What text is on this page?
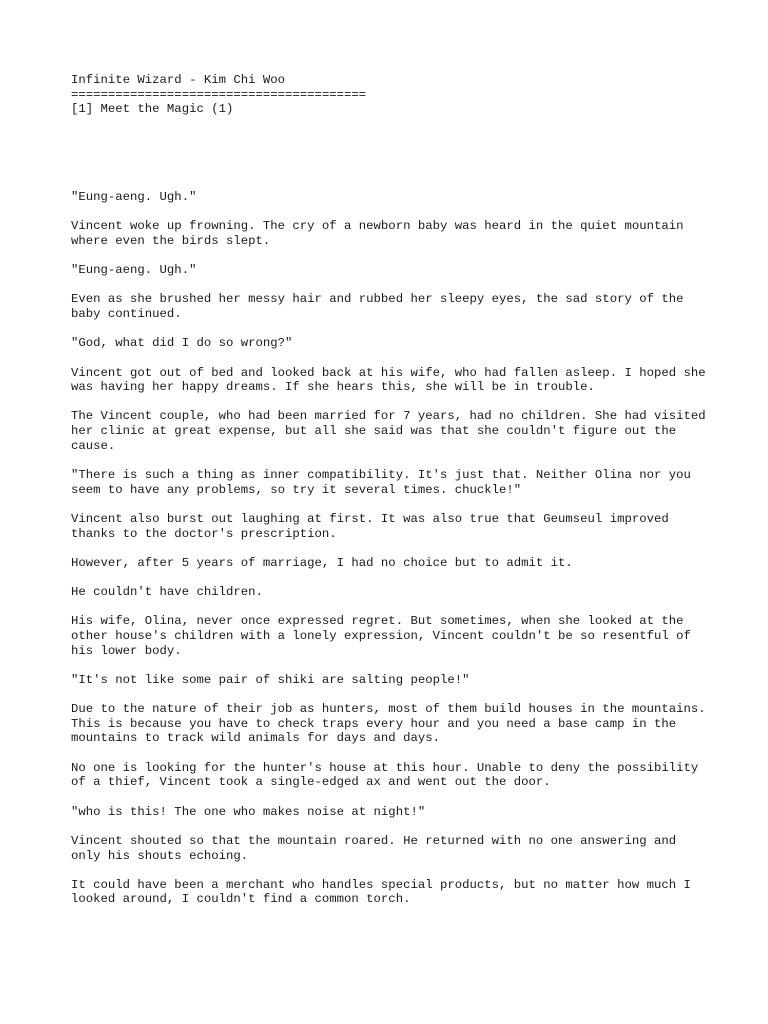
Infinite Wizard - Kim Chi Woo

========================================

[1] Meet the Magic (1)

"Eung-aeng. Ugh."

Vincent woke up frowning. The cry of a newborn baby was heard in the quiet mountain where even the birds slept.

"Eung-aeng. Ugh."

Even as she brushed her messy hair and rubbed her sleepy eyes, the sad story of the baby continued.

"God, what did I do so wrong?"

Vincent got out of bed and looked back at his wife, who had fallen asleep. I hoped she was having her happy dreams. If she hears this, she will be in trouble.

The Vincent couple, who had been married for 7 years, had no children. She had visited her clinic at great expense, but all she said was that she couldn't figure out the cause.

"There is such a thing as inner compatibility. It's just that. Neither Olina nor you seem to have any problems, so try it several times. chuckle!"

Vincent also burst out laughing at first. It was also true that Geumseul improved thanks to the doctor's prescription.

However, after 5 years of marriage, I had no choice but to admit it.

He couldn't have children.

His wife, Olina, never once expressed regret. But sometimes, when she looked at the other house's children with a lonely expression, Vincent couldn't be so resentful of his lower body.

"It's not like some pair of shiki are salting people!"

Due to the nature of their job as hunters, most of them build houses in the mountains. This is because you have to check traps every hour and you need a base camp in the mountains to track wild animals for days and days.

No one is looking for the hunter's house at this hour. Unable to deny the possibility of a thief, Vincent took a single-edged ax and went out the door.

"who is this! The one who makes noise at night!"

Vincent shouted so that the mountain roared. He returned with no one answering and only his shouts echoing.

It could have been a merchant who handles special products, but no matter how much I looked around, I couldn't find a common torch.
